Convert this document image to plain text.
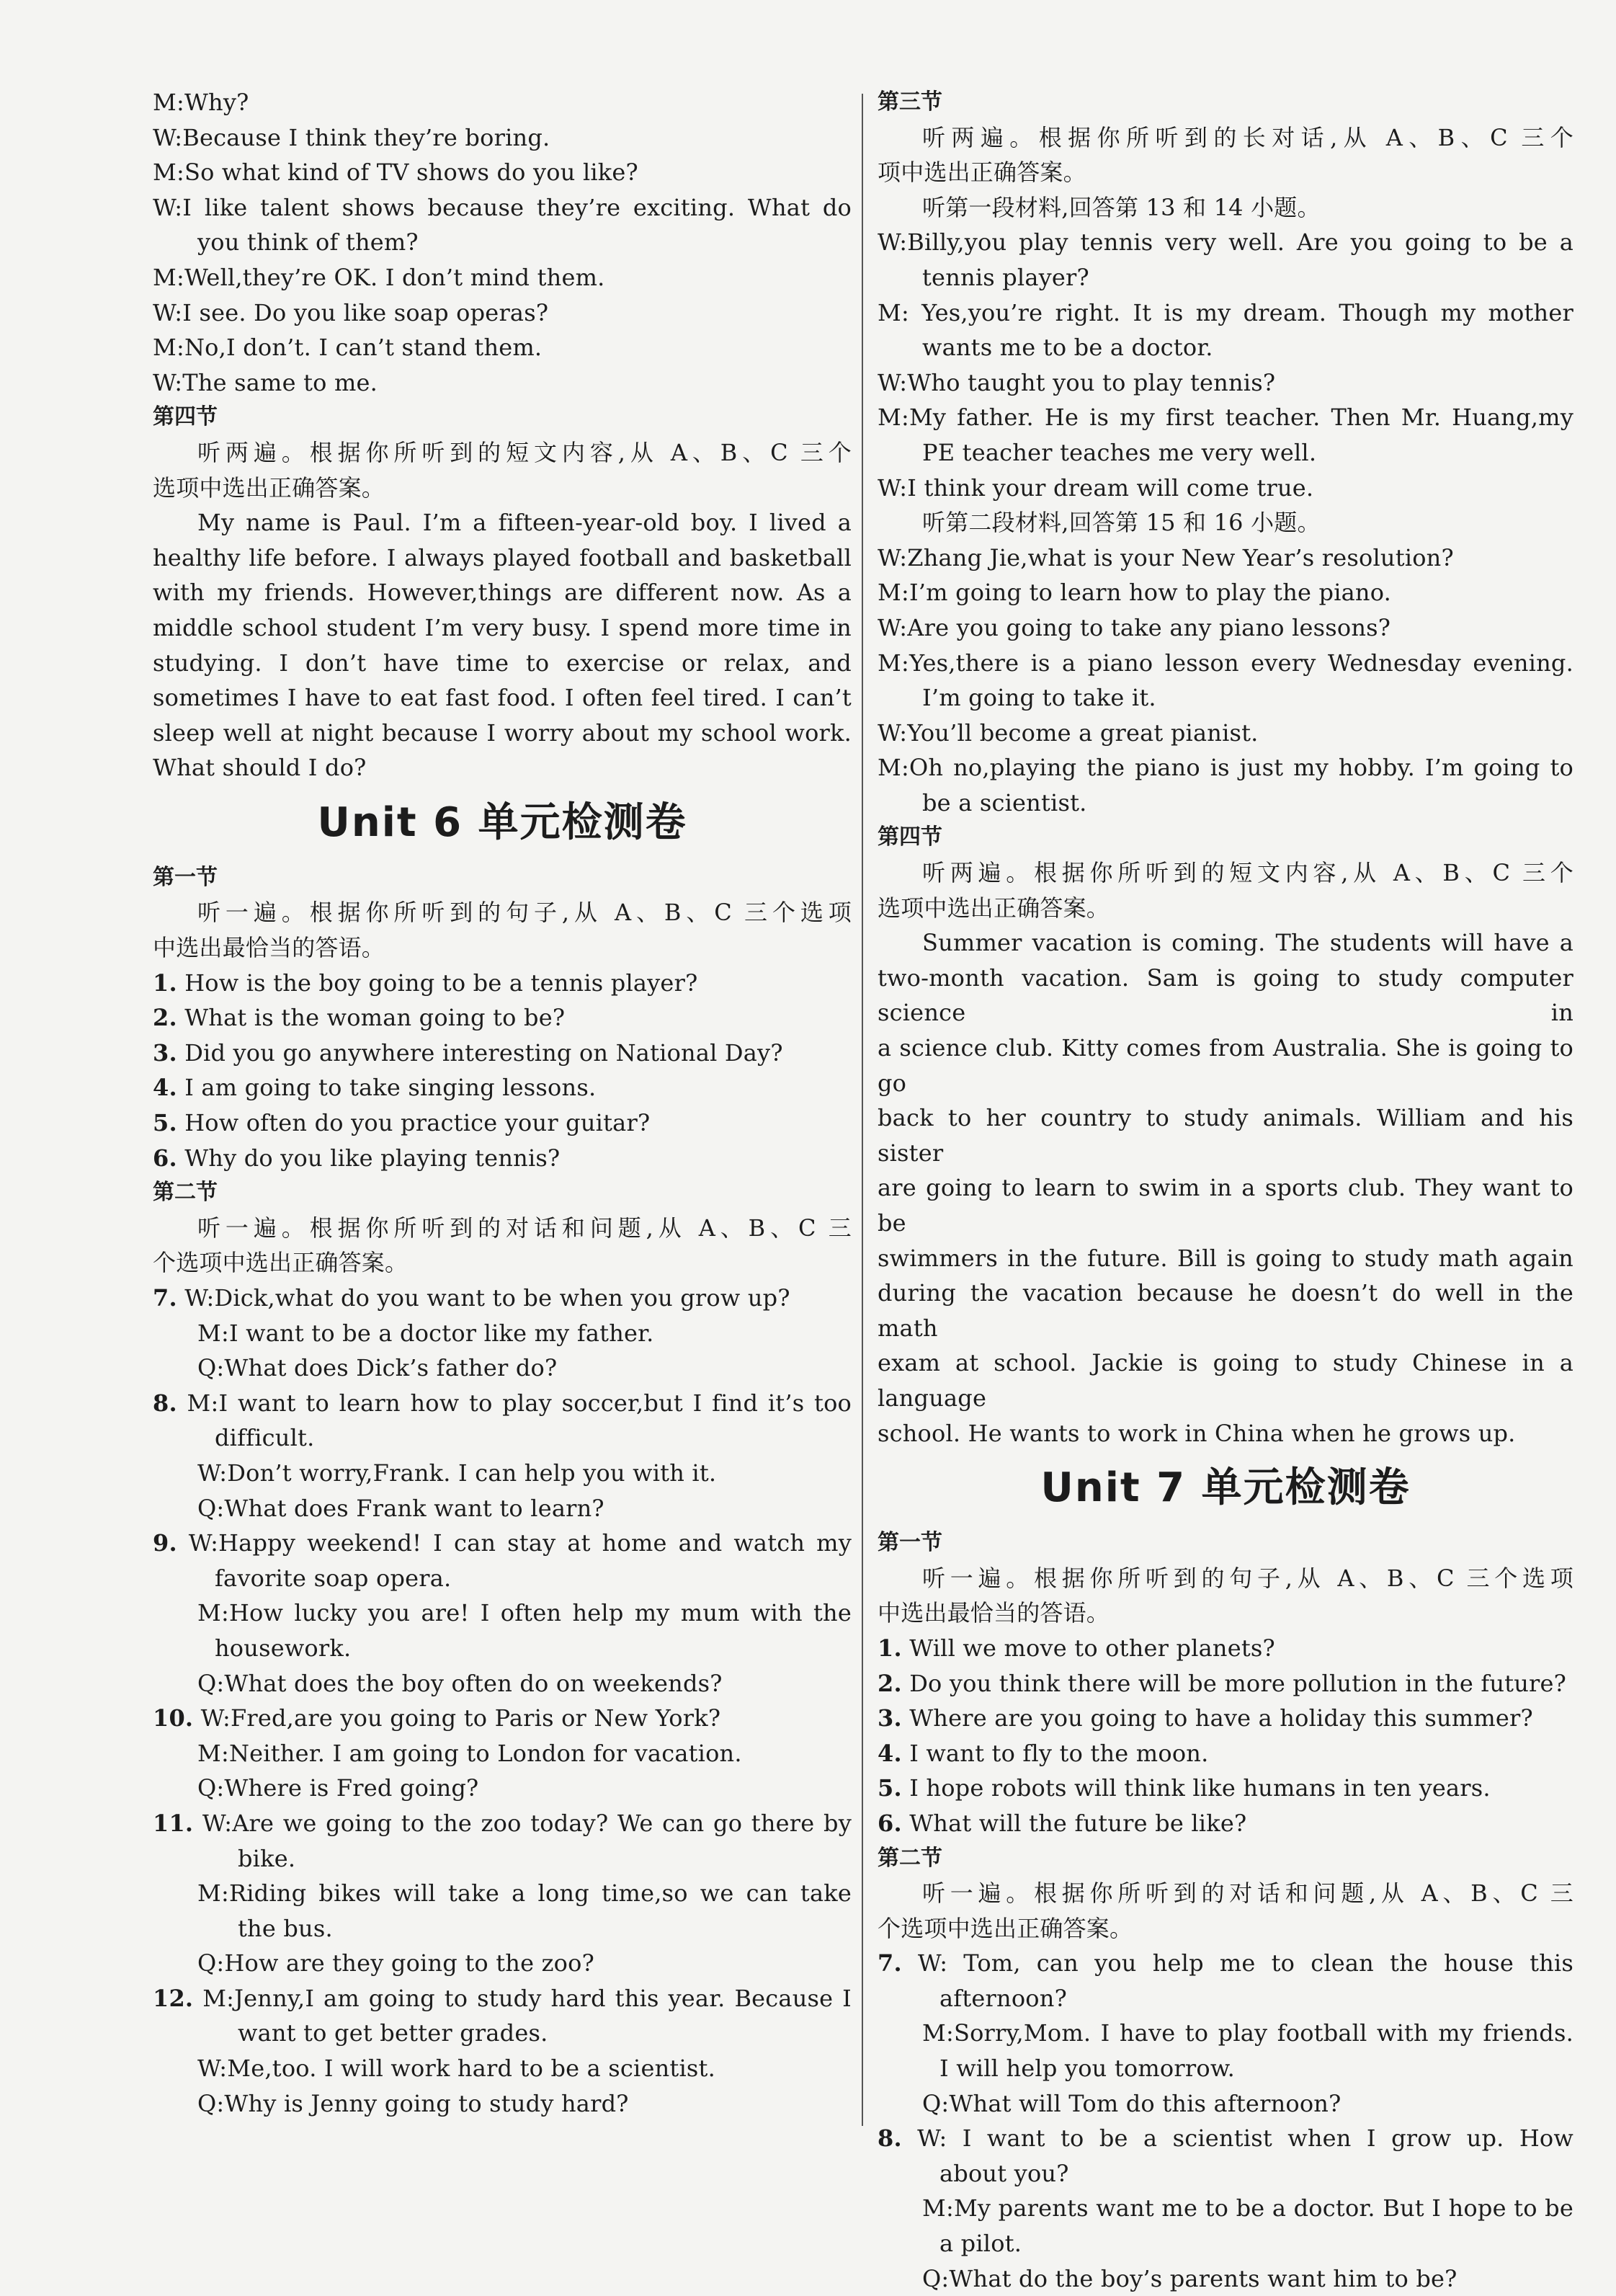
M:Why?
W:Because I think they’re boring.
M:So what kind of TV shows do you like?
W:I like talent shows because they’re exciting. What do
you think of them?
M:Well,they’re OK. I don’t mind them.
W:I see. Do you like soap operas?
M:No,I don’t. I can’t stand them.
W:The same to me.
第四节
听两遍。根据你所听到的短文内容,从 A、B、C 三个
选项中选出正确答案。
My name is Paul. I’m a fifteen-year-old boy. I lived a
healthy life before. I always played football and basketball
with my friends. However,things are different now. As a
middle school student I’m very busy. I spend more time in
studying. I don’t have time to exercise or relax, and
sometimes I have to eat fast food. I often feel tired. I can’t
sleep well at night because I worry about my school work.
What should I do?
Unit 6 单元检测卷
第一节
听一遍。根据你所听到的句子,从 A、B、C 三个选项
中选出最恰当的答语。
1. How is the boy going to be a tennis player?
2. What is the woman going to be?
3. Did you go anywhere interesting on National Day?
4. I am going to take singing lessons.
5. How often do you practice your guitar?
6. Why do you like playing tennis?
第二节
听一遍。根据你所听到的对话和问题,从 A、B、C 三
个选项中选出正确答案。
7. W:Dick,what do you want to be when you grow up?
M:I want to be a doctor like my father.
Q:What does Dick’s father do?
8. M:I want to learn how to play soccer,but I find it’s too
difficult.
W:Don’t worry,Frank. I can help you with it.
Q:What does Frank want to learn?
9. W:Happy weekend! I can stay at home and watch my
favorite soap opera.
M:How lucky you are! I often help my mum with the
housework.
Q:What does the boy often do on weekends?
10. W:Fred,are you going to Paris or New York?
M:Neither. I am going to London for vacation.
Q:Where is Fred going?
11. W:Are we going to the zoo today? We can go there by
bike.
M:Riding bikes will take a long time,so we can take
the bus.
Q:How are they going to the zoo?
12. M:Jenny,I am going to study hard this year. Because I
want to get better grades.
W:Me,too. I will work hard to be a scientist.
Q:Why is Jenny going to study hard?
第三节
听两遍。根据你所听到的长对话,从 A、B、C 三个
项中选出正确答案。
听第一段材料,回答第 13 和 14 小题。
W:Billy,you play tennis very well. Are you going to be a
tennis player?
M: Yes,you’re right. It is my dream. Though my mother
wants me to be a doctor.
W:Who taught you to play tennis?
M:My father. He is my first teacher. Then Mr. Huang,my
PE teacher teaches me very well.
W:I think your dream will come true.
听第二段材料,回答第 15 和 16 小题。
W:Zhang Jie,what is your New Year’s resolution?
M:I’m going to learn how to play the piano.
W:Are you going to take any piano lessons?
M:Yes,there is a piano lesson every Wednesday evening.
I’m going to take it.
W:You’ll become a great pianist.
M:Oh no,playing the piano is just my hobby. I’m going to
be a scientist.
第四节
听两遍。根据你所听到的短文内容,从 A、B、C 三个
选项中选出正确答案。
Summer vacation is coming. The students will have a
two-month vacation. Sam is going to study computer science in
a science club. Kitty comes from Australia. She is going to go
back to her country to study animals. William and his sister
are going to learn to swim in a sports club. They want to be
swimmers in the future. Bill is going to study math again
during the vacation because he doesn’t do well in the math
exam at school. Jackie is going to study Chinese in a language
school. He wants to work in China when he grows up.
Unit 7 单元检测卷
第一节
听一遍。根据你所听到的句子,从 A、B、C 三个选项
中选出最恰当的答语。
1. Will we move to other planets?
2. Do you think there will be more pollution in the future?
3. Where are you going to have a holiday this summer?
4. I want to fly to the moon.
5. I hope robots will think like humans in ten years.
6. What will the future be like?
第二节
听一遍。根据你所听到的对话和问题,从 A、B、C 三
个选项中选出正确答案。
7. W: Tom, can you help me to clean the house this
afternoon?
M:Sorry,Mom. I have to play football with my friends.
I will help you tomorrow.
Q:What will Tom do this afternoon?
8. W: I want to be a scientist when I grow up. How
about you?
M:My parents want me to be a doctor. But I hope to be
a pilot.
Q:What do the boy’s parents want him to be?
